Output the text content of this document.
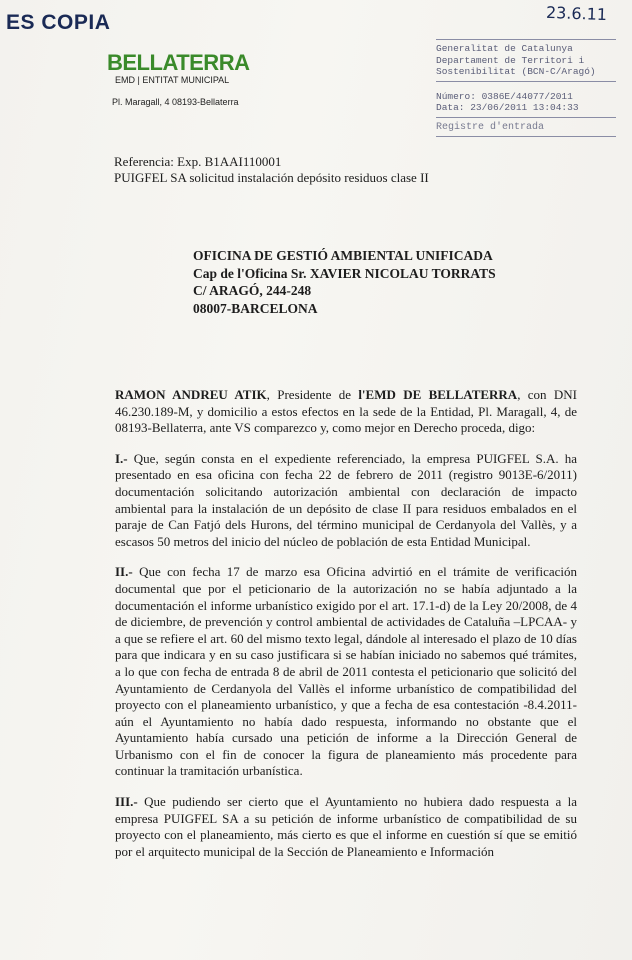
ES COPIA	23.6.11
BELLATERRA
EMD | ENTITAT MUNICIPAL
Pl. Maragall, 4 08193-Bellaterra
Generalitat de Catalunya
Departament de Territori i
Sostenibilitat (BCN-C/Aragó)
Número: 0386E/44077/2011
Data: 23/06/2011 13:04:33
Registre d'entrada
Referencia: Exp. B1AAI110001
PUIGFEL SA solicitud instalación depósito residuos clase II
OFICINA DE GESTIÓ AMBIENTAL UNIFICADA
Cap de l'Oficina Sr. XAVIER NICOLAU TORRATS
C/ ARAGÓ, 244-248
08007-BARCELONA

RAMON ANDREU ATIK, Presidente de l'EMD DE BELLATERRA, con DNI 46.230.189-M, y domicilio a estos efectos en la sede de la Entidad, Pl. Maragall, 4, de 08193-Bellaterra, ante VS comparezco y, como mejor en Derecho proceda, digo:

I.- Que, según consta en el expediente referenciado, la empresa PUIGFEL S.A. ha presentado en esa oficina con fecha 22 de febrero de 2011 (registro 9013E-6/2011) documentación solicitando autorización ambiental con declaración de impacto ambiental para la instalación de un depósito de clase II para residuos embalados en el paraje de Can Fatjó dels Hurons, del término municipal de Cerdanyola del Vallès, y a escasos 50 metros del inicio del núcleo de población de esta Entidad Municipal.

II.- Que con fecha 17 de marzo esa Oficina advirtió en el trámite de verificación documental que por el peticionario de la autorización no se había adjuntado a la documentación el informe urbanístico exigido por el art. 17.1-d) de la Ley 20/2008, de 4 de diciembre, de prevención y control ambiental de actividades de Cataluña –LPCAA- y a que se refiere el art. 60 del mismo texto legal, dándole al interesado el plazo de 10 días para que indicara y en su caso justificara si se habían iniciado no sabemos qué trámites, a lo que con fecha de entrada 8 de abril de 2011 contesta el peticionario que solicitó del Ayuntamiento de Cerdanyola del Vallès el informe urbanístico de compatibilidad del proyecto con el planeamiento urbanístico, y que a fecha de esa contestación -8.4.2011- aún el Ayuntamiento no había dado respuesta, informando no obstante que el Ayuntamiento había cursado una petición de informe a la Dirección General de Urbanismo con el fin de conocer la figura de planeamiento más procedente para continuar la tramitación urbanística.

III.- Que pudiendo ser cierto que el Ayuntamiento no hubiera dado respuesta a la empresa PUIGFEL SA a su petición de informe urbanístico de compatibilidad de su proyecto con el planeamiento, más cierto es que el informe en cuestión sí que se emitió por el arquitecto municipal de la Sección de Planeamiento e Información
